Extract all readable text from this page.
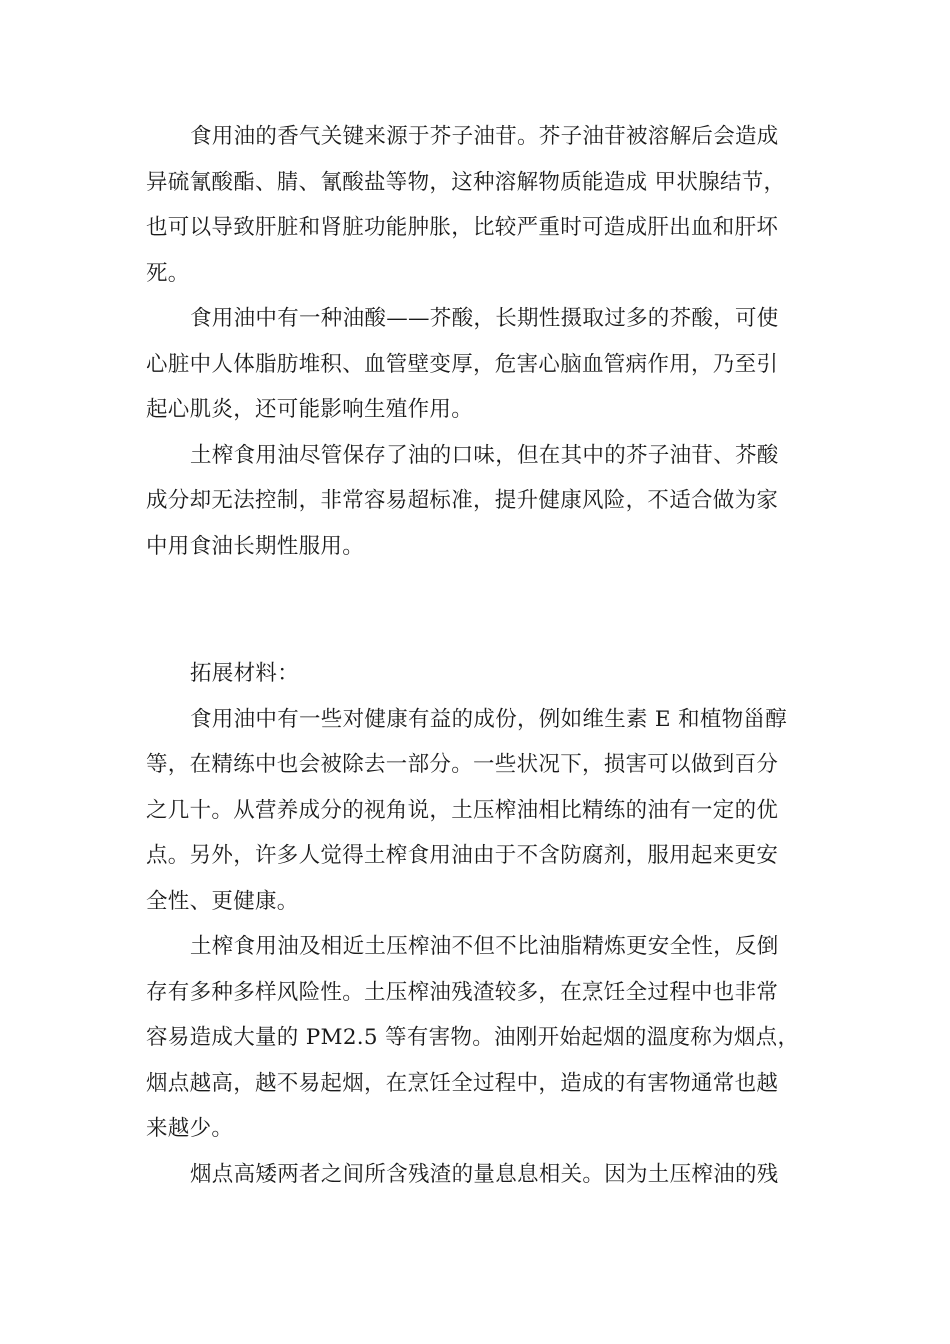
食用油的香气关键来源于芥子油苷。芥子油苷被溶解后会造成
异硫氰酸酯、腈、氰酸盐等物，这种溶解物质能造成 甲状腺结节，
也可以导致肝脏和肾脏功能肿胀，比较严重时可造成肝出血和肝坏
死。
食用油中有一种油酸——芥酸，长期性摄取过多的芥酸，可使
心脏中人体脂肪堆积、血管壁变厚，危害心脑血管病作用，乃至引
起心肌炎，还可能影响生殖作用。
土榨食用油尽管保存了油的口味，但在其中的芥子油苷、芥酸
成分却无法控制，非常容易超标准，提升健康风险，不适合做为家
中用食油长期性服用。
拓展材料：
食用油中有一些对健康有益的成份，例如维生素 E 和植物甾醇
等，在精练中也会被除去一部分。一些状况下，损害可以做到百分
之几十。从营养成分的视角说，土压榨油相比精练的油有一定的优
点。另外，许多人觉得土榨食用油由于不含防腐剂，服用起来更安
全性、更健康。
土榨食用油及相近土压榨油不但不比油脂精炼更安全性，反倒
存有多种多样风险性。土压榨油残渣较多，在烹饪全过程中也非常
容易造成大量的 PM2.5 等有害物。油刚开始起烟的溫度称为烟点，
烟点越高，越不易起烟，在烹饪全过程中，造成的有害物通常也越
来越少。
烟点高矮两者之间所含残渣的量息息相关。因为土压榨油的残
